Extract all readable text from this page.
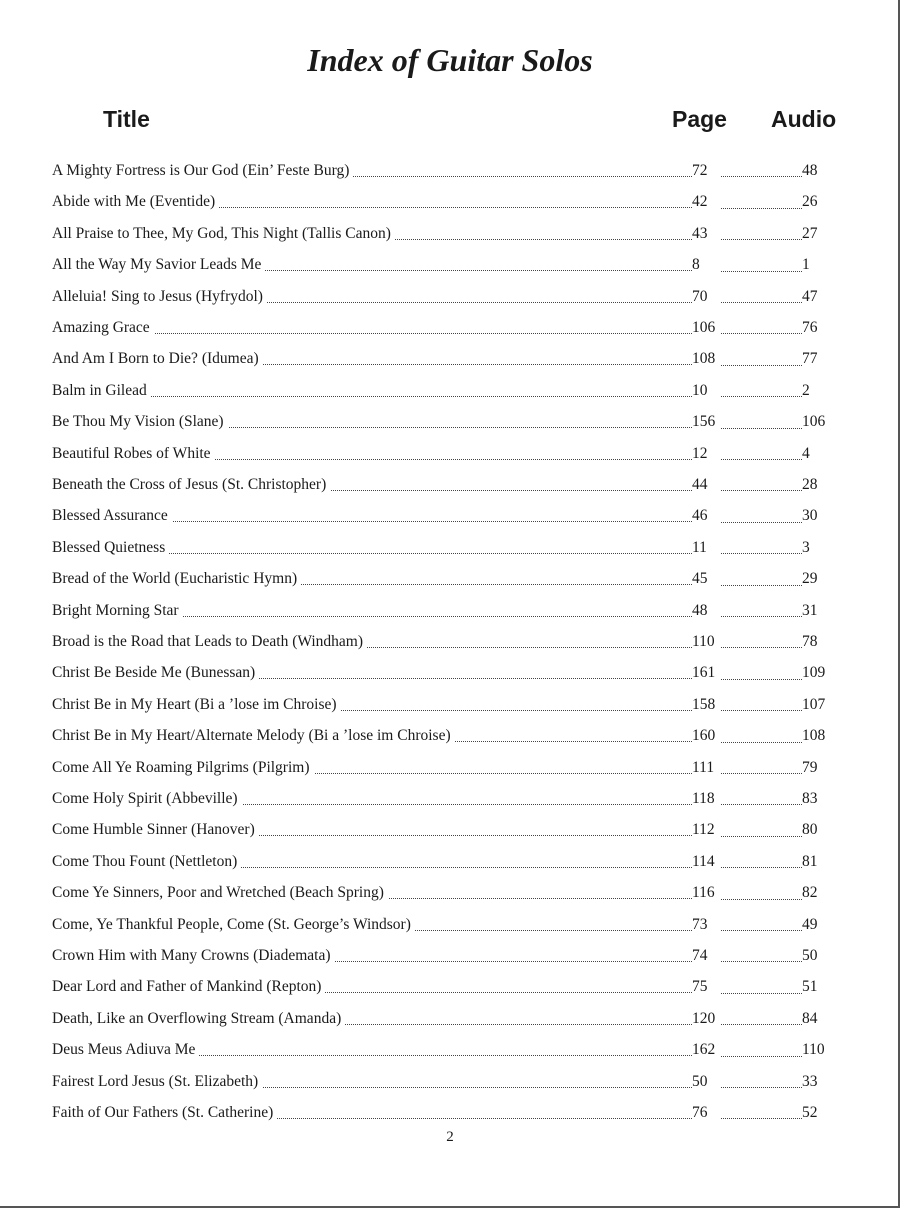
Index of Guitar Solos
Title	Page Audio
A Mighty Fortress is Our God (Ein’ Feste Burg)	72	48
Abide with Me (Eventide)	42	26
All Praise to Thee, My God, This Night (Tallis Canon)	43	27
All the Way My Savior Leads Me	8	1
Alleluia! Sing to Jesus (Hyfrydol)	70	47
Amazing Grace	106	76
And Am I Born to Die? (Idumea)	108	77
Balm in Gilead	10	2
Be Thou My Vision (Slane)	156	106
Beautiful Robes of White	12	4
Beneath the Cross of Jesus (St. Christopher)	44	28
Blessed Assurance	46	30
Blessed Quietness	11	3
Bread of the World (Eucharistic Hymn)	45	29
Bright Morning Star	48	31
Broad is the Road that Leads to Death (Windham)	110	78
Christ Be Beside Me (Bunessan)	161	109
Christ Be in My Heart (Bi a ’lose im Chroise)	158	107
Christ Be in My Heart/Alternate Melody (Bi a ’lose im Chroise)	160	108
Come All Ye Roaming Pilgrims (Pilgrim)	111	79
Come Holy Spirit (Abbeville)	118	83
Come Humble Sinner (Hanover)	112	80
Come Thou Fount (Nettleton)	114	81
Come Ye Sinners, Poor and Wretched (Beach Spring)	116	82
Come, Ye Thankful People, Come (St. George’s Windsor)	73	49
Crown Him with Many Crowns (Diademata)	74	50
Dear Lord and Father of Mankind (Repton)	75	51
Death, Like an Overflowing Stream (Amanda)	120	84
Deus Meus Adiuva Me	162	110
Fairest Lord Jesus (St. Elizabeth)	50	33
Faith of Our Fathers (St. Catherine)	76	52
2
